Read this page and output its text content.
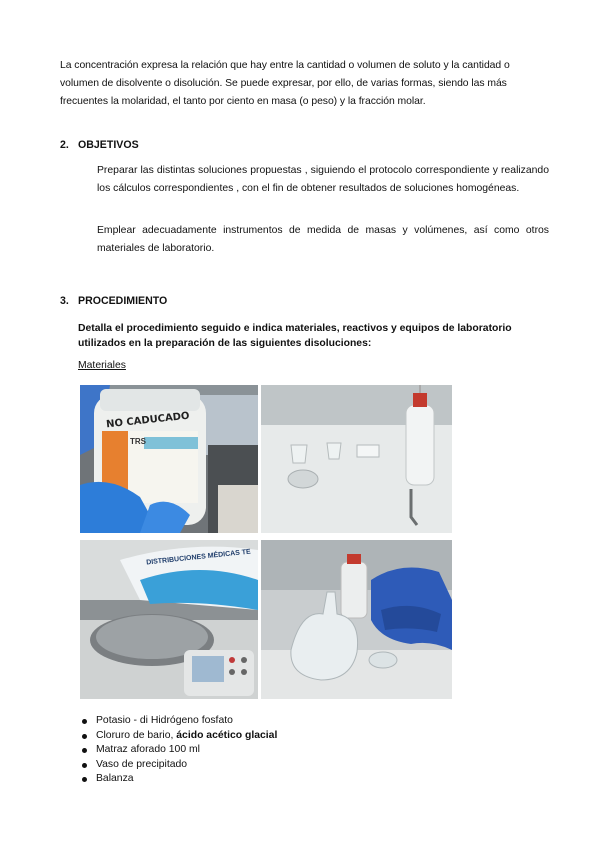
La concentración expresa la relación que hay entre la cantidad o volumen de soluto y la cantidad o volumen de disolvente o disolución. Se puede expresar, por ello, de varias formas, siendo las más frecuentes la molaridad, el tanto por ciento en masa (o peso) y la fracción molar.
2. OBJETIVOS
Preparar las distintas soluciones propuestas , siguiendo el protocolo correspondiente y realizando los cálculos correspondientes , con el fin de obtener resultados de soluciones homogéneas.
Emplear adecuadamente instrumentos de medida de masas y volúmenes, así como otros materiales de laboratorio.
3. PROCEDIMIENTO
Detalla el procedimiento seguido e indica materiales, reactivos y equipos de laboratorio utilizados en la preparación de las siguientes disoluciones:
Materiales
NO CADUCADO
TRS
DISTRIBUCIONES MÉDICAS TE
Potasio - di Hidrógeno fosfato
Cloruro de bario, ácido acético glacial
Matraz aforado 100 ml
Vaso de precipitado
Balanza
